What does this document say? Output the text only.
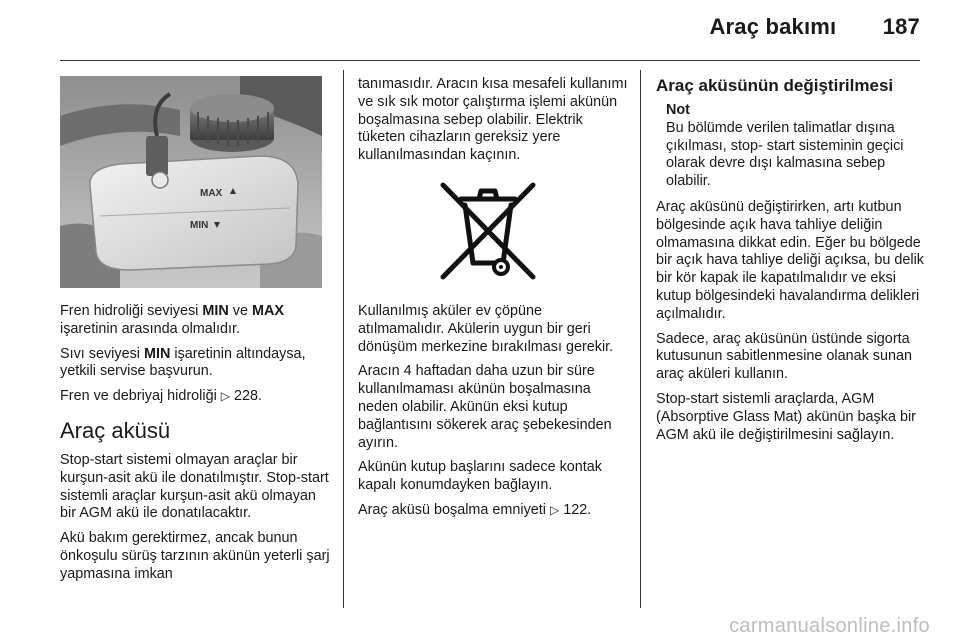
Araç bakımı 187
MAX
MIN

Fren hidroliği seviyesi MIN ve MAX işaretinin arasında olmalıdır.

Sıvı seviyesi MIN işaretinin altındaysa, yetkili servise başvurun.

Fren ve debriyaj hidroliği ▷ 228.

Araç aküsü

Stop-start sistemi olmayan araçlar bir kurşun-asit akü ile donatılmıştır. Stop-start sistemli araçlar kurşun-asit akü olmayan bir AGM akü ile donatılacaktır.

Akü bakım gerektirmez, ancak bunun önkoşulu sürüş tarzının akünün yeterli şarj yapmasına imkan

tanımasıdır. Aracın kısa mesafeli kullanımı ve sık sık motor çalıştırma işlemi akünün boşalmasına sebep olabilir. Elektrik tüketen cihazların gereksiz yere kullanılmasından kaçının.

Kullanılmış aküler ev çöpüne atılmamalıdır. Akülerin uygun bir geri dönüşüm merkezine bırakılması gerekir.

Aracın 4 haftadan daha uzun bir süre kullanılmaması akünün boşalmasına neden olabilir. Akünün eksi kutup bağlantısını sökerek araç şebekesinden ayırın.

Akünün kutup başlarını sadece kontak kapalı konumdayken bağlayın.

Araç aküsü boşalma emniyeti ▷ 122.

Araç aküsünün değiştirilmesi
Not
Bu bölümde verilen talimatlar dışına çıkılması, stop- start sisteminin geçici olarak devre dışı kalmasına sebep olabilir.

Araç aküsünü değiştirirken, artı kutbun bölgesinde açık hava tahliye deliğin olmamasına dikkat edin. Eğer bu bölgede bir açık hava tahliye deliği açıksa, bu delik bir kör kapak ile kapatılmalıdır ve eksi kutup bölgesindeki havalandırma delikleri açılmalıdır.

Sadece, araç aküsünün üstünde sigorta kutusunun sabitlenmesine olanak sunan araç aküleri kullanın.

Stop-start sistemli araçlarda, AGM (Absorptive Glass Mat) akünün başka bir AGM akü ile değiştirilmesini sağlayın.

carmanualsonline.info
